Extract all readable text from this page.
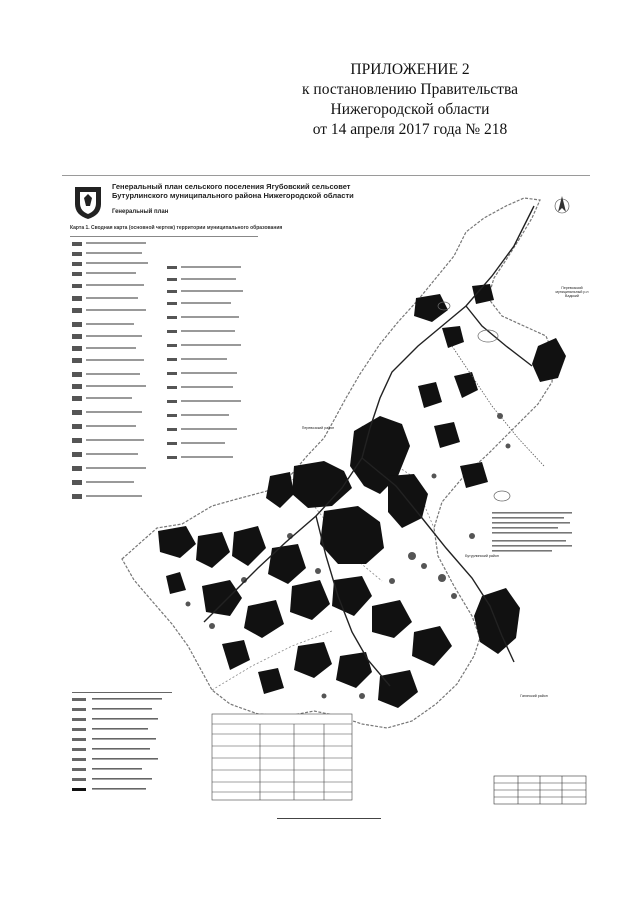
ПРИЛОЖЕНИЕ 2
к постановлению Правительства
Нижегородской области
от 14 апреля 2017 года № 218
Генеральный план сельского поселения Ягубовский сельсовет
Бутурлинского муниципального района Нижегородской области
Генеральный план
Карта 1. Сводная карта (основной чертеж) территории муниципального образования
Перевозский муниципальный р-н Вадский
Перевозский район
Гагинский район
Бутурлинский район
